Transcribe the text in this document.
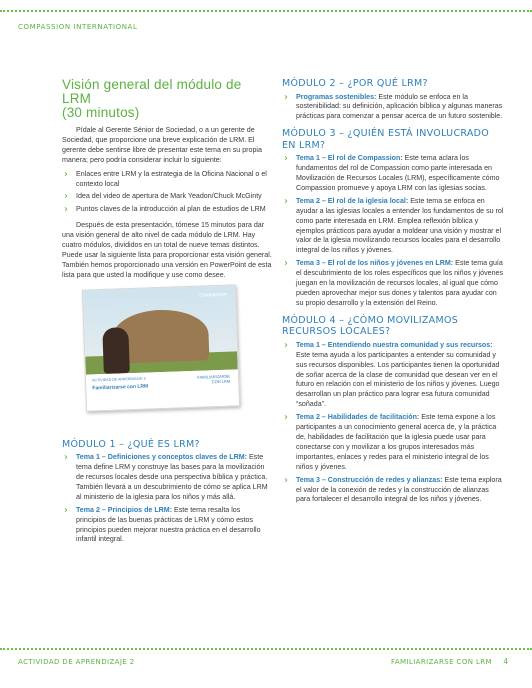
COMPASSION INTERNATIONAL
Visión general del módulo de LRM
(30 minutos)

Pídale al Gerente Sénior de Sociedad, o a un gerente de Sociedad, que proporcione una breve explicación de LRM. El gerente debe sentirse libre de presentar este tema en su propia manera; pero podría considerar incluir lo siguiente:

› Enlaces entre LRM y la estrategia de la Oficina Nacional o el contexto local
› Idea del video de apertura de Mark Yeadon/Chuck McGinty
› Puntos claves de la introducción al plan de estudios de LRM

Después de esta presentación, tómese 15 minutos para dar una visión general de alto nivel de cada módulo de LRM. Hay cuatro módulos, divididos en un total de nueve temas distintos. Puede usar la siguiente lista para proporcionar esta visión general. También hemos proporcionado una versión en PowerPoint de esta lista para que usted la modifique y use como desee.

Compassion
ACTIVIDAD DE APRENDIZAJE 2
Familiarizarse con LRM
FAMILIARIZARSE CON LRM
MÓDULO 1 – ¿QUÉ ES LRM?
› Tema 1 – Definiciones y conceptos claves de LRM: Este tema define LRM y construye las bases para la movilización de recursos locales desde una perspectiva bíblica y práctica. También llevará a un descubrimiento de cómo se aplica LRM al ministerio de la iglesia para los niños y más allá.
› Tema 2 – Principios de LRM: Este tema resalta los principios de las buenas prácticas de LRM y cómo estos principios pueden mejorar nuestra práctica en el desarrollo infantil integral.
MÓDULO 2 – ¿POR QUÉ LRM?
› Programas sostenibles: Este módulo se enfoca en la sostenibilidad: su definición, aplicación bíblica y algunas maneras prácticas para comenzar a pensar acerca de un futuro sostenible.
MÓDULO 3 – ¿QUIÉN ESTÁ INVOLUCRADO EN LRM?
› Tema 1 – El rol de Compassion: Este tema aclara los fundamentos del rol de Compassion como parte interesada en Movilización de Recursos Locales (LRM), específicamente cómo Compassion promueve y apoya LRM con las iglesias socias.
› Tema 2 – El rol de la iglesia local: Este tema se enfoca en ayudar a las iglesias locales a entender los fundamentos de su rol como parte interesada en LRM. Emplea reflexión bíblica y ejemplos prácticos para ayudar a moldear una visión y mostrar el valor de la iglesia movilizando recursos locales para el desarrollo integral de los niños y jóvenes.
› Tema 3 – El rol de los niños y jóvenes en LRM: Este tema guía el descubrimiento de los roles específicos que los niños y jóvenes juegan en la movilización de recursos locales, al igual que cómo pueden aprovechar mejor sus dones y talentos para ayudar con su propio desarrollo y la extensión del Reino.
MÓDULO 4 – ¿CÓMO MOVILIZAMOS RECURSOS LOCALES?
› Tema 1 – Entendiendo nuestra comunidad y sus recursos: Este tema ayuda a los participantes a entender su comunidad y sus recursos disponibles. Los participantes tienen la oportunidad de soñar acerca de la clase de comunidad que desean ver en el futuro en relación con el ministerio de los niños y jóvenes. Luego desarrollan un plan práctico para lograr esa futura comunidad “soñada”.
› Tema 2 – Habilidades de facilitación: Este tema expone a los participantes a un conocimiento general acerca de, y la práctica de, habilidades de facilitación que la iglesia puede usar para conectarse con y movilizar a los grupos interesados más importantes, enlaces y redes para el ministerio integral de los niños y jóvenes.
› Tema 3 – Construcción de redes y alianzas: Este tema explora el valor de la conexión de redes y la construcción de alianzas para fortalecer el desarrollo integral de los niños y jóvenes.
ACTIVIDAD DE APRENDIZAJE 2	FAMILIARIZARSE CON LRM 4
